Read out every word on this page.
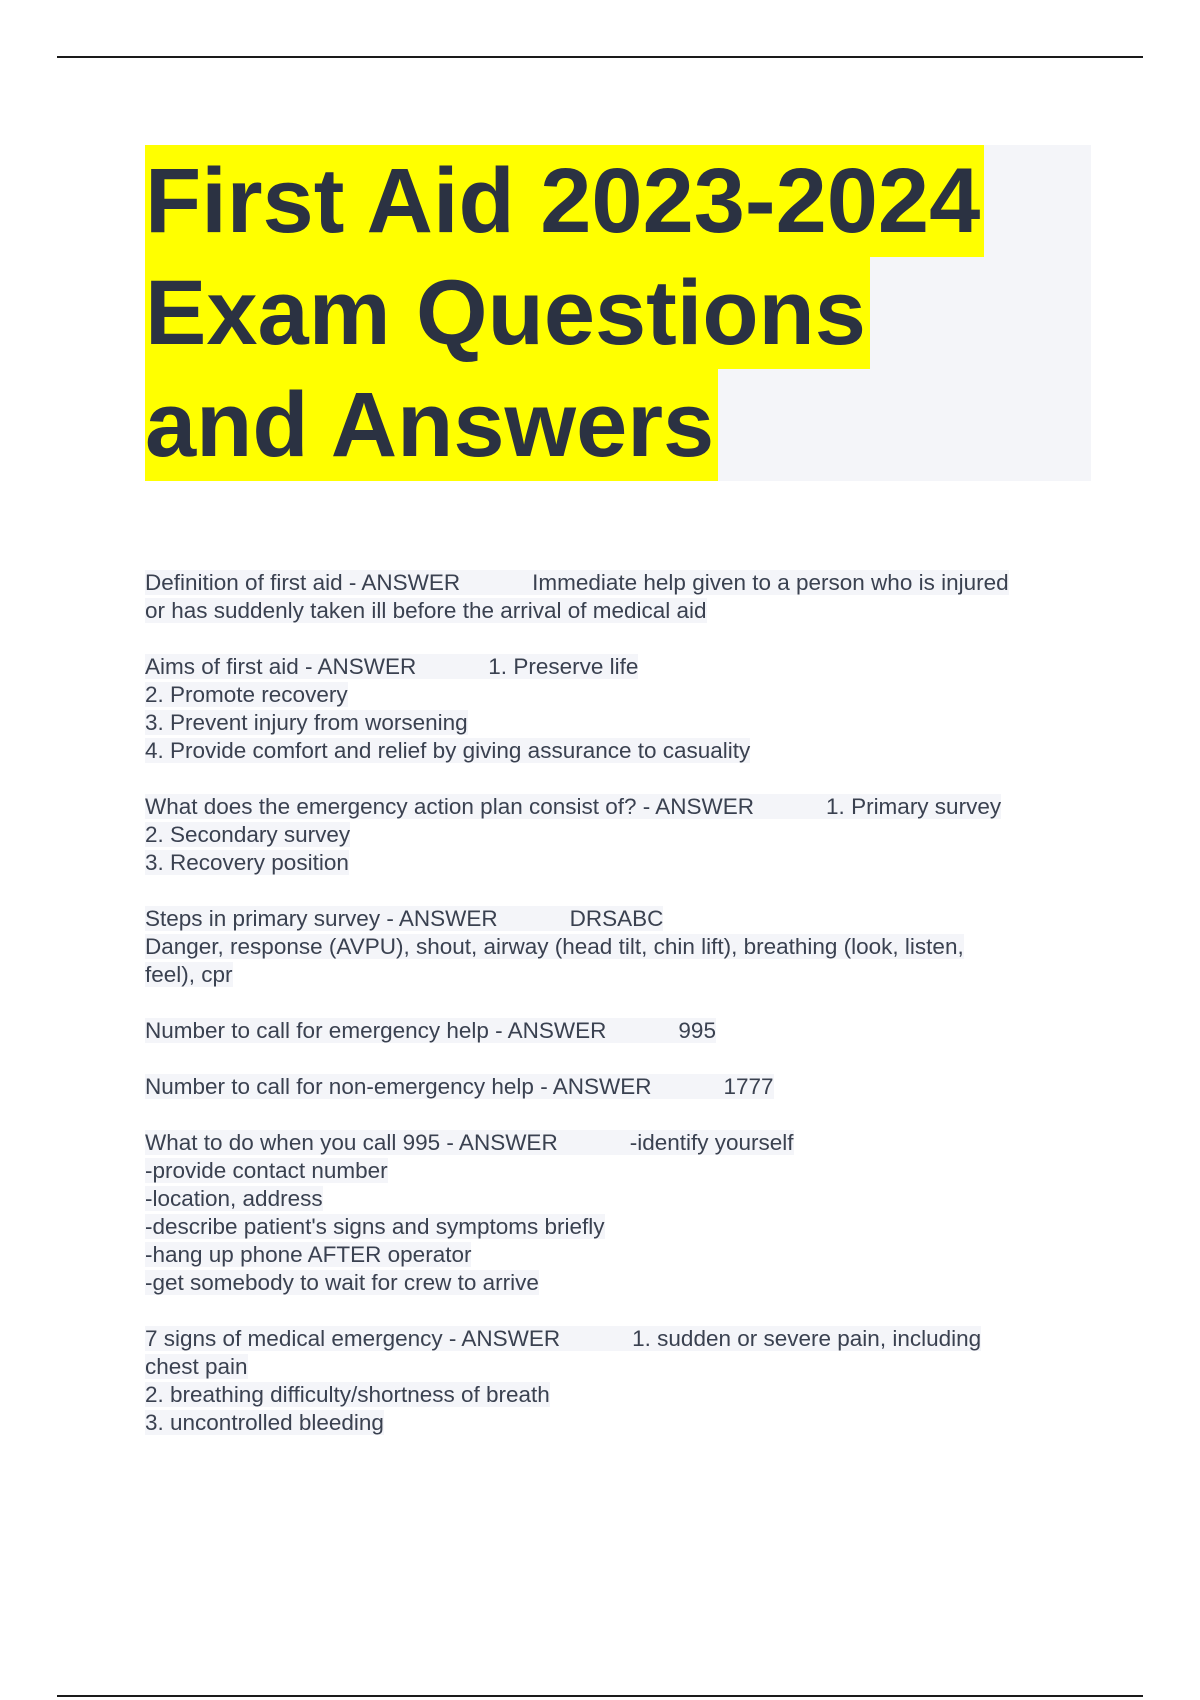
First Aid 2023-2024
Exam Questions
and Answers
Definition of first aid - ANSWER	Immediate help given to a person who is injured
or has suddenly taken ill before the arrival of medical aid
Aims of first aid - ANSWER	1. Preserve life
2. Promote recovery
3. Prevent injury from worsening
4. Provide comfort and relief by giving assurance to casuality
What does the emergency action plan consist of? - ANSWER	1. Primary survey
2. Secondary survey
3. Recovery position
Steps in primary survey - ANSWER	DRSABC
Danger, response (AVPU), shout, airway (head tilt, chin lift), breathing (look, listen,
feel), cpr
Number to call for emergency help - ANSWER	995
Number to call for non-emergency help - ANSWER	1777
What to do when you call 995 - ANSWER	-identify yourself
-provide contact number
-location, address
-describe patient's signs and symptoms briefly
-hang up phone AFTER operator
-get somebody to wait for crew to arrive
7 signs of medical emergency - ANSWER	1. sudden or severe pain, including
chest pain
2. breathing difficulty/shortness of breath
3. uncontrolled bleeding
